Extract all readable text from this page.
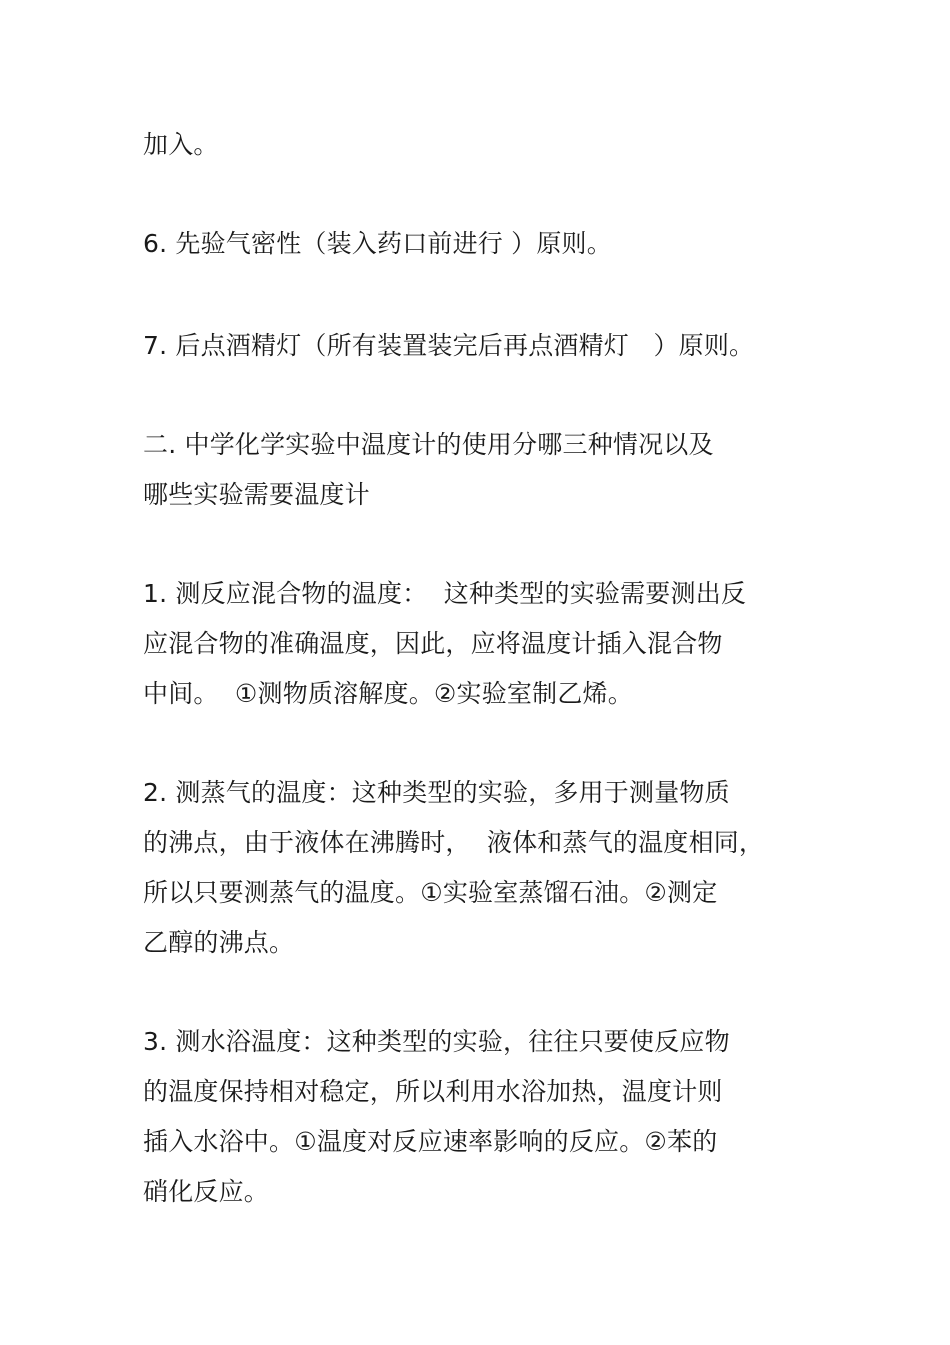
加入。
6. 先验气密性（装入药口前进行 ）原则。
7. 后点酒精灯（所有装置装完后再点酒精灯   ）原则。
二. 中学化学实验中温度计的使用分哪三种情况以及
哪些实验需要温度计
1. 测反应混合物的温度：  这种类型的实验需要测出反
应混合物的准确温度，因此，应将温度计插入混合物
中间。  ①测物质溶解度。②实验室制乙烯。
2. 测蒸气的温度：这种类型的实验，多用于测量物质
的沸点，由于液体在沸腾时，  液体和蒸气的温度相同，
所以只要测蒸气的温度。①实验室蒸馏石油。②测定
乙醇的沸点。
3. 测水浴温度：这种类型的实验，往往只要使反应物
的温度保持相对稳定，所以利用水浴加热，温度计则
插入水浴中。①温度对反应速率影响的反应。②苯的
硝化反应。
